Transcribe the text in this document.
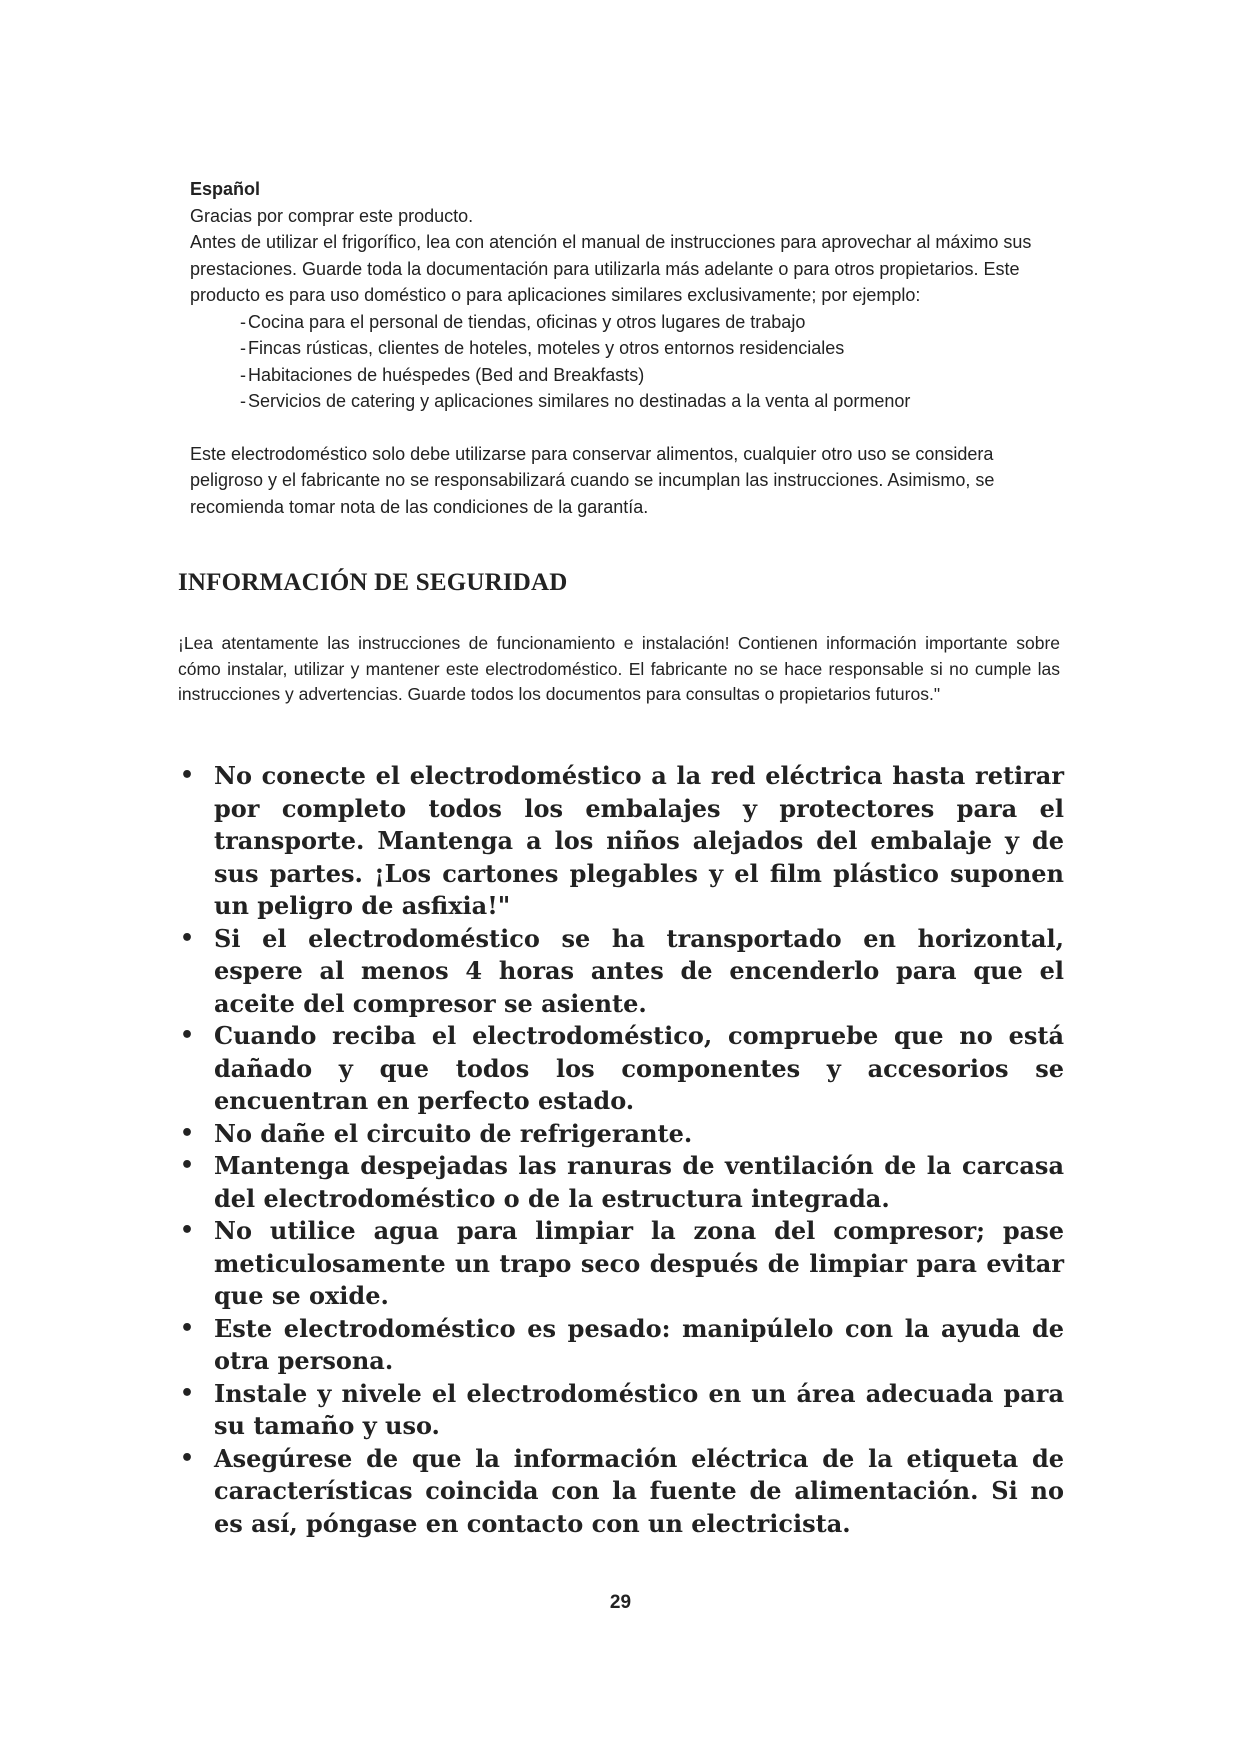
Español

Gracias por comprar este producto.

Antes de utilizar el frigorífico, lea con atención el manual de instrucciones para aprovechar al máximo sus prestaciones. Guarde toda la documentación para utilizarla más adelante o para otros propietarios. Este producto es para uso doméstico o para aplicaciones similares exclusivamente; por ejemplo:

- Cocina para el personal de tiendas, oficinas y otros lugares de trabajo
- Fincas rústicas, clientes de hoteles, moteles y otros entornos residenciales
- Habitaciones de huéspedes (Bed and Breakfasts)
- Servicios de catering y aplicaciones similares no destinadas a la venta al pormenor

Este electrodoméstico solo debe utilizarse para conservar alimentos, cualquier otro uso se considera peligroso y el fabricante no se responsabilizará cuando se incumplan las instrucciones. Asimismo, se recomienda tomar nota de las condiciones de la garantía.

INFORMACIÓN DE SEGURIDAD

¡Lea atentamente las instrucciones de funcionamiento e instalación! Contienen información importante sobre cómo instalar, utilizar y mantener este electrodoméstico. El fabricante no se hace responsable si no cumple las instrucciones y advertencias. Guarde todos los documentos para consultas o propietarios futuros."

• No conecte el electrodoméstico a la red eléctrica hasta retirar por completo todos los embalajes y protectores para el transporte. Mantenga a los niños alejados del embalaje y de sus partes. ¡Los cartones plegables y el film plástico suponen un peligro de asfixia!"
• Si el electrodoméstico se ha transportado en horizontal, espere al menos 4 horas antes de encenderlo para que el aceite del compresor se asiente.
• Cuando reciba el electrodoméstico, compruebe que no está dañado y que todos los componentes y accesorios se encuentran en perfecto estado.
• No dañe el circuito de refrigerante.
• Mantenga despejadas las ranuras de ventilación de la carcasa del electrodoméstico o de la estructura integrada.
• No utilice agua para limpiar la zona del compresor; pase meticulosamente un trapo seco después de limpiar para evitar que se oxide.
• Este electrodoméstico es pesado: manipúlelo con la ayuda de otra persona.
• Instale y nivele el electrodoméstico en un área adecuada para su tamaño y uso.
• Asegúrese de que la información eléctrica de la etiqueta de características coincida con la fuente de alimentación. Si no es así, póngase en contacto con un electricista.
29
